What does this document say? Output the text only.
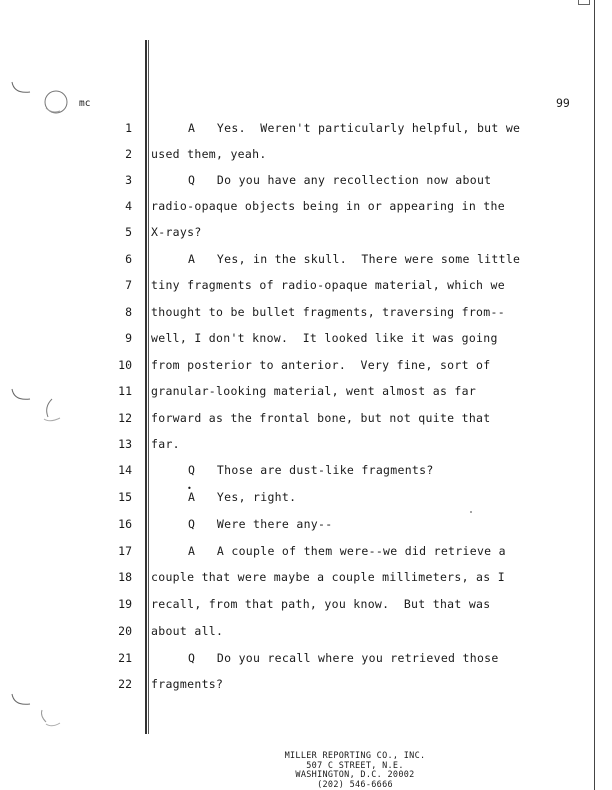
mc	99
1	A   Yes.  Weren't particularly helpful, but we
2 used them, yeah.
3	Q   Do you have any recollection now about
4 radio-opaque objects being in or appearing in the
5 X-rays?
6	A   Yes, in the skull.  There were some little
7 tiny fragments of radio-opaque material, which we
8 thought to be bullet fragments, traversing from--
9 well, I don't know.  It looked like it was going
10 from posterior to anterior.  Very fine, sort of
11 granular-looking material, went almost as far
12 forward as the frontal bone, but not quite that
13 far.
14	Q   Those are dust-like fragments?
15	A   Yes, right.
16	Q   Were there any--
17	A   A couple of them were--we did retrieve a
18 couple that were maybe a couple millimeters, as I
19 recall, from that path, you know.  But that was
20 about all.
21	Q   Do you recall where you retrieved those
22 fragments?
•
MILLER REPORTING CO., INC.
507 C STREET, N.E.
WASHINGTON, D.C. 20002
(202) 546-6666
